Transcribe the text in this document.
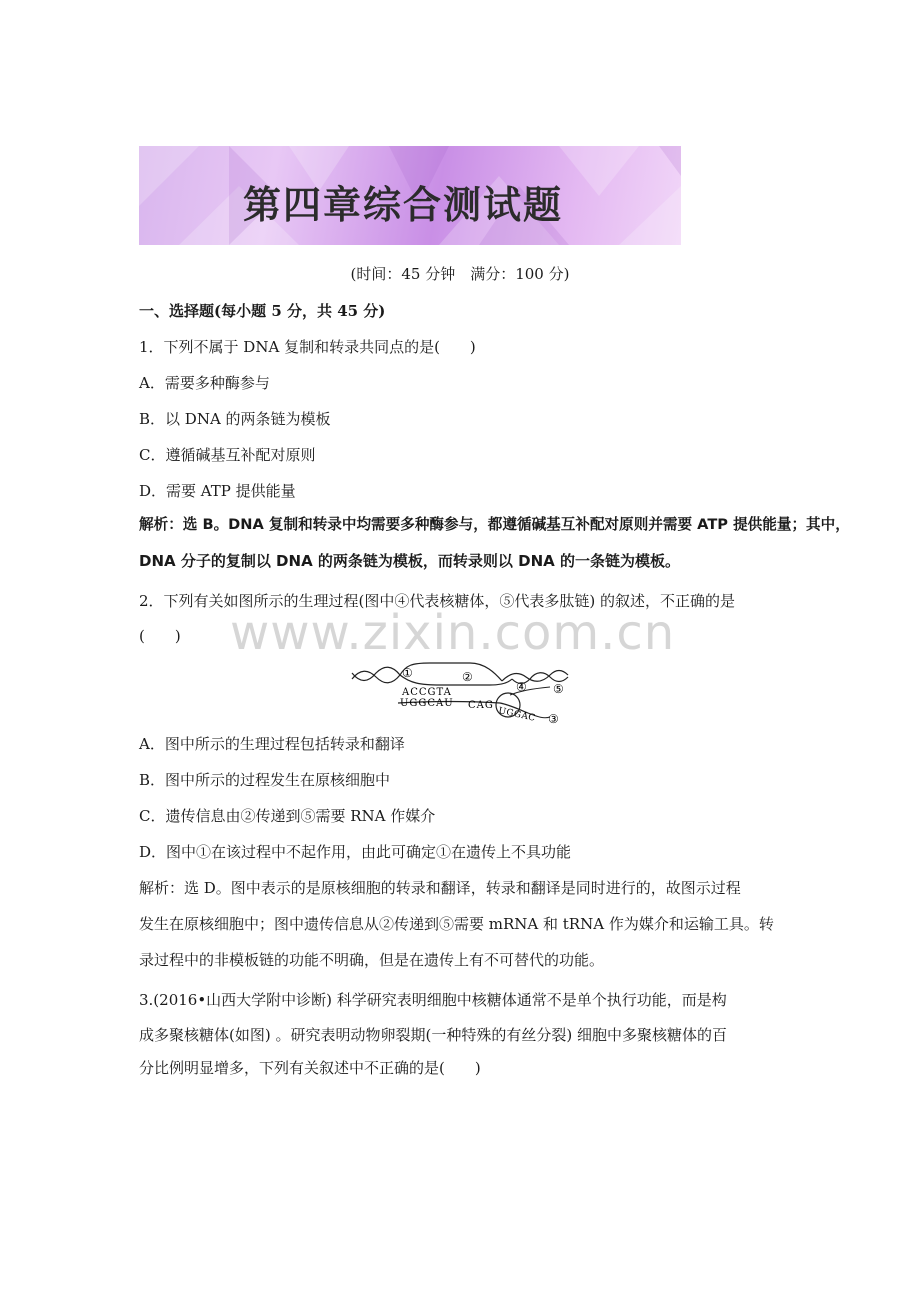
第四章综合测试题
(时间：45 分钟　满分：100 分)
一、选择题(每小题 5 分，共 45 分)
1．下列不属于 DNA 复制和转录共同点的是(　　)
A．需要多种酶参与
B．以 DNA 的两条链为模板
C．遵循碱基互补配对原则
D．需要 ATP 提供能量
解析：选 B。DNA 复制和转录中均需要多种酶参与，都遵循碱基互补配对原则并需要 ATP 提供能量；其中，
DNA 分子的复制以 DNA 的两条链为模板，而转录则以 DNA 的一条链为模板。
2．下列有关如图所示的生理过程(图中④代表核糖体，⑤代表多肽链) 的叙述，不正确的是
(　　) www.zixin.com.cn
①	②
④ ⑤
③
ACCGTA
UGGCAU CAG
UGGAC
A．图中所示的生理过程包括转录和翻译
B．图中所示的过程发生在原核细胞中
C．遗传信息由②传递到⑤需要 RNA 作媒介
D．图中①在该过程中不起作用，由此可确定①在遗传上不具功能
解析：选 D。图中表示的是原核细胞的转录和翻译，转录和翻译是同时进行的，故图示过程
发生在原核细胞中；图中遗传信息从②传递到⑤需要 mRNA 和 tRNA 作为媒介和运输工具。转
录过程中的非模板链的功能不明确，但是在遗传上有不可替代的功能。
3.(2016•山西大学附中诊断) 科学研究表明细胞中核糖体通常不是单个执行功能，而是构
成多聚核糖体(如图) 。研究表明动物卵裂期(一种特殊的有丝分裂) 细胞中多聚核糖体的百
分比例明显增多，下列有关叙述中不正确的是(　　)
